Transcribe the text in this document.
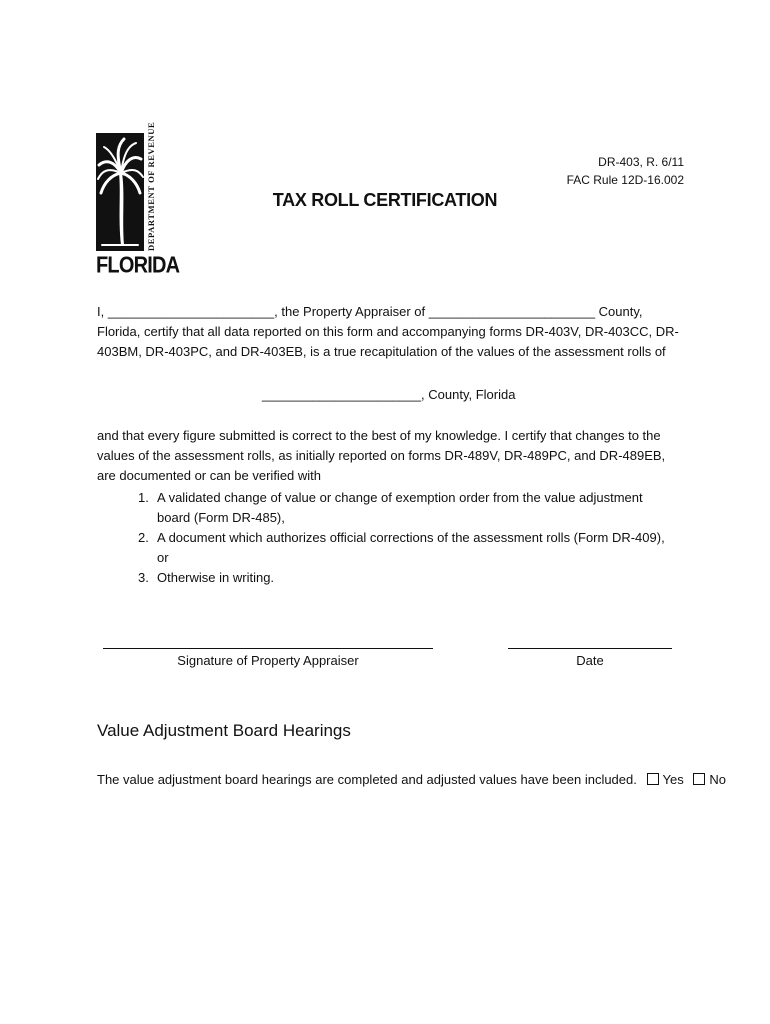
DEPARTMENT OF REVENUE
FLORIDA
DR-403, R. 6/11
FAC Rule 12D-16.002
TAX ROLL CERTIFICATION
I, _______________________, the Property Appraiser of _______________________ County, Florida, certify that all data reported on this form and accompanying forms DR-403V, DR-403CC, DR-403BM, DR-403PC, and DR-403EB, is a true recapitulation of the values of the assessment rolls of
______________________, County, Florida
and that every figure submitted is correct to the best of my knowledge. I certify that changes to the values of the assessment rolls, as initially reported on forms DR-489V, DR-489PC, and DR-489EB, are documented or can be verified with
1. A validated change of value or change of exemption order from the value adjustment board (Form DR-485),
2. A document which authorizes official corrections of the assessment rolls (Form DR-409), or
3. Otherwise in writing.
Signature of Property Appraiser	Date
Value Adjustment Board Hearings
The value adjustment board hearings are completed and adjusted values have been included. Yes No
